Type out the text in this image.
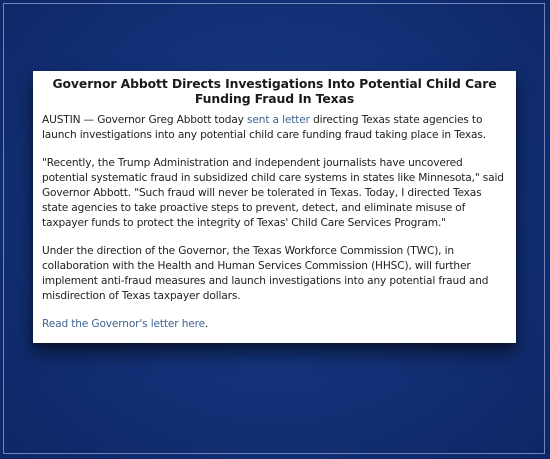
Governor Abbott Directs Investigations Into Potential Child Care Funding Fraud In Texas

AUSTIN — Governor Greg Abbott today sent a letter directing Texas state agencies to launch investigations into any potential child care funding fraud taking place in Texas.

"Recently, the Trump Administration and independent journalists have uncovered potential systematic fraud in subsidized child care systems in states like Minnesota," said Governor Abbott. "Such fraud will never be tolerated in Texas. Today, I directed Texas state agencies to take proactive steps to prevent, detect, and eliminate misuse of taxpayer funds to protect the integrity of Texas' Child Care Services Program."

Under the direction of the Governor, the Texas Workforce Commission (TWC), in collaboration with the Health and Human Services Commission (HHSC), will further implement anti-fraud measures and launch investigations into any potential fraud and misdirection of Texas taxpayer dollars.

Read the Governor's letter here.
